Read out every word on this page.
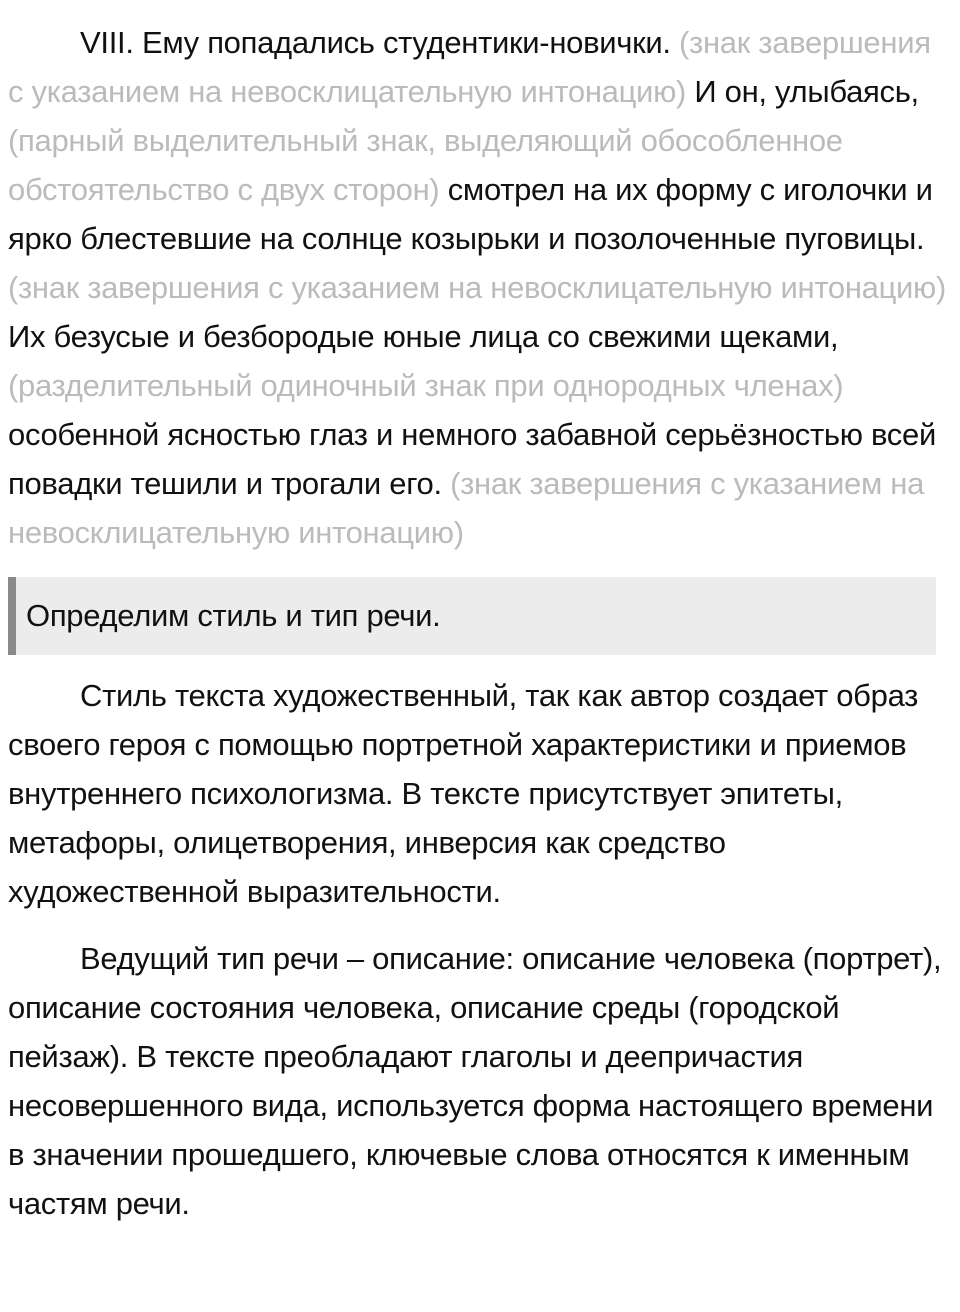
VIII. Ему попадались студентики-новички. (знак завершения с указанием на невосклицательную интонацию) И он, улыбаясь, (парный выделительный знак, выделяющий обособленное обстоятельство с двух сторон) смотрел на их форму с иголочки и ярко блестевшие на солнце козырьки и позолоченные пуговицы. (знак завершения с указанием на невосклицательную интонацию) Их безусые и безбородые юные лица со свежими щеками, (разделительный одиночный знак при однородных членах) особенной ясностью глаз и немного забавной серьёзностью всей повадки тешили и трогали его. (знак завершения с указанием на невосклицательную интонацию)

Определим стиль и тип речи.

Стиль текста художественный, так как автор создает образ своего героя с помощью портретной характеристики и приемов внутреннего психологизма. В тексте присутствует эпитеты, метафоры, олицетворения, инверсия как средство художественной выразительности.

Ведущий тип речи – описание: описание человека (портрет), описание состояния человека, описание среды (городской пейзаж). В тексте преобладают глаголы и деепричастия несовершенного вида, используется форма настоящего времени в значении прошедшего, ключевые слова относятся к именным частям речи.
